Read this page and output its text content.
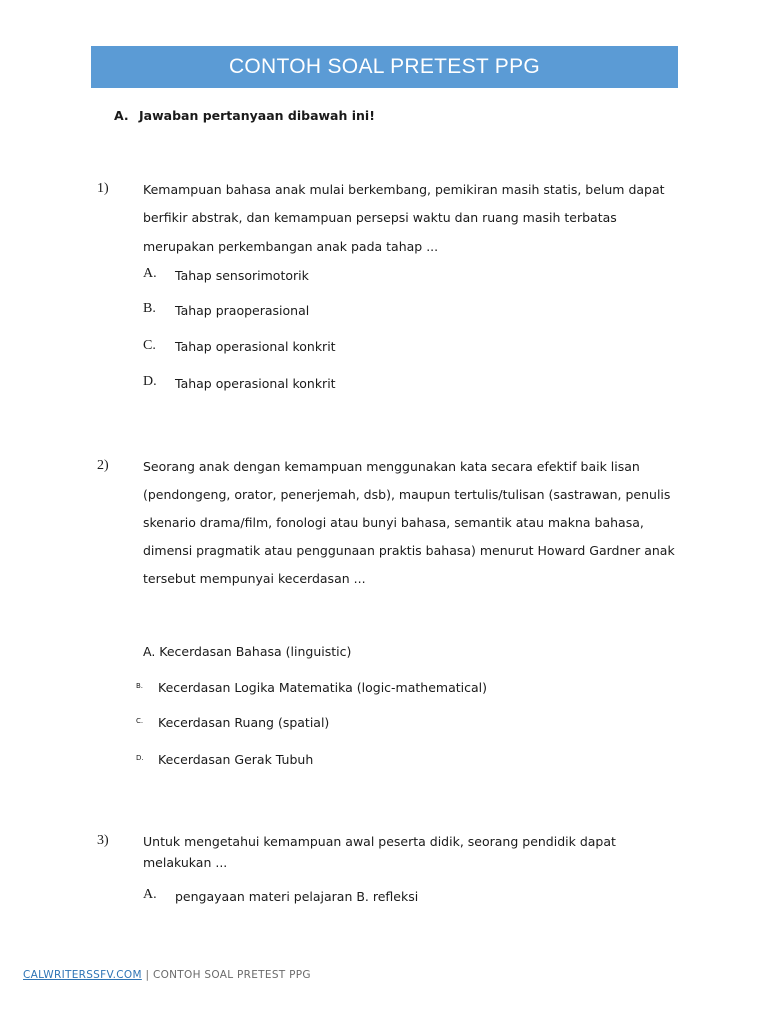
CONTOH SOAL PRETEST PPG
A. Jawaban pertanyaan dibawah ini!
1)	Kemampuan bahasa anak mulai berkembang, pemikiran masih statis, belum dapat
berfikir abstrak, dan kemampuan persepsi waktu dan ruang masih terbatas
merupakan perkembangan anak pada tahap ...
A. Tahap sensorimotorik
B. Tahap praoperasional
C. Tahap operasional konkrit
D. Tahap operasional konkrit
2)	Seorang anak dengan kemampuan menggunakan kata secara efektif baik lisan
(pendongeng, orator, penerjemah, dsb), maupun tertulis/tulisan (sastrawan, penulis
skenario drama/film, fonologi atau bunyi bahasa, semantik atau makna bahasa,
dimensi pragmatik atau penggunaan praktis bahasa) menurut Howard Gardner anak
tersebut mempunyai kecerdasan ...
A. Kecerdasan Bahasa (linguistic)
B. Kecerdasan Logika Matematika (logic-mathematical)
C. Kecerdasan Ruang (spatial)
D. Kecerdasan Gerak Tubuh
3)	Untuk mengetahui kemampuan awal peserta didik, seorang pendidik dapat
melakukan ...
A. pengayaan materi pelajaran B. refleksi
CALWRITERSSFV.COM | CONTOH SOAL PRETEST PPG
